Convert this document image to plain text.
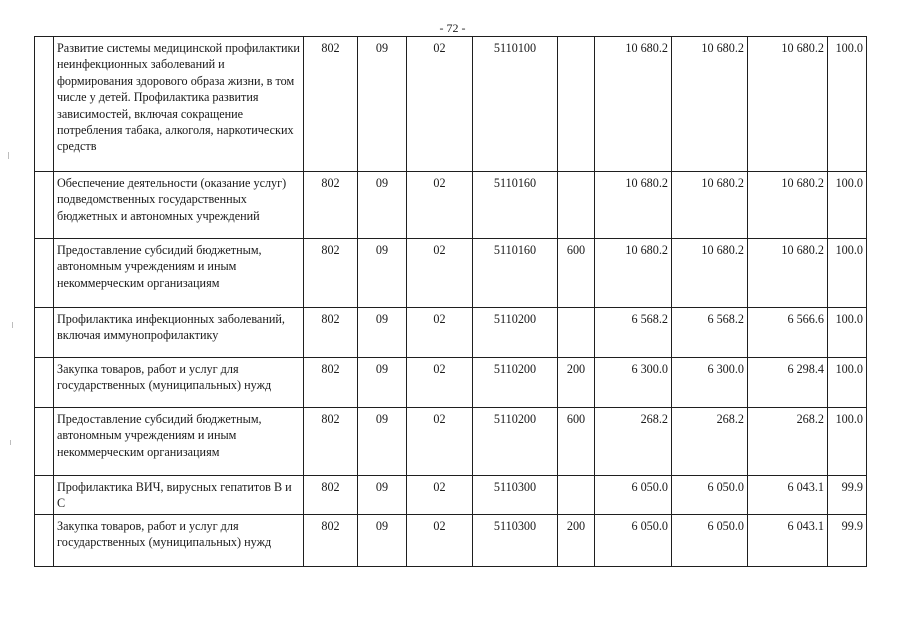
- 72 -
	Развитие системы медицинской профилактики неинфекционных заболеваний и формирования здорового образа жизни, в том числе у детей. Профилактика развития зависимостей, включая сокращение потребления табака, алкоголя, наркотических средств	802	09	02	5110100		10 680.2	10 680.2	10 680.2	100.0
	Обеспечение деятельности (оказание услуг) подведомственных государственных бюджетных и автономных учреждений	802	09	02	5110160		10 680.2	10 680.2	10 680.2	100.0
	Предоставление субсидий бюджетным, автономным учреждениям и иным некоммерческим организациям	802	09	02	5110160	600	10 680.2	10 680.2	10 680.2	100.0
	Профилактика инфекционных заболеваний, включая иммунопрофилактику	802	09	02	5110200		6 568.2	6 568.2	6 566.6	100.0
	Закупка товаров, работ и услуг для государственных (муниципальных) нужд	802	09	02	5110200	200	6 300.0	6 300.0	6 298.4	100.0
	Предоставление субсидий бюджетным, автономным учреждениям и иным некоммерческим организациям	802	09	02	5110200	600	268.2	268.2	268.2	100.0
	Профилактика ВИЧ, вирусных гепатитов В и С	802	09	02	5110300		6 050.0	6 050.0	6 043.1	99.9
	Закупка товаров, работ и услуг для государственных (муниципальных) нужд	802	09	02	5110300	200	6 050.0	6 050.0	6 043.1	99.9
